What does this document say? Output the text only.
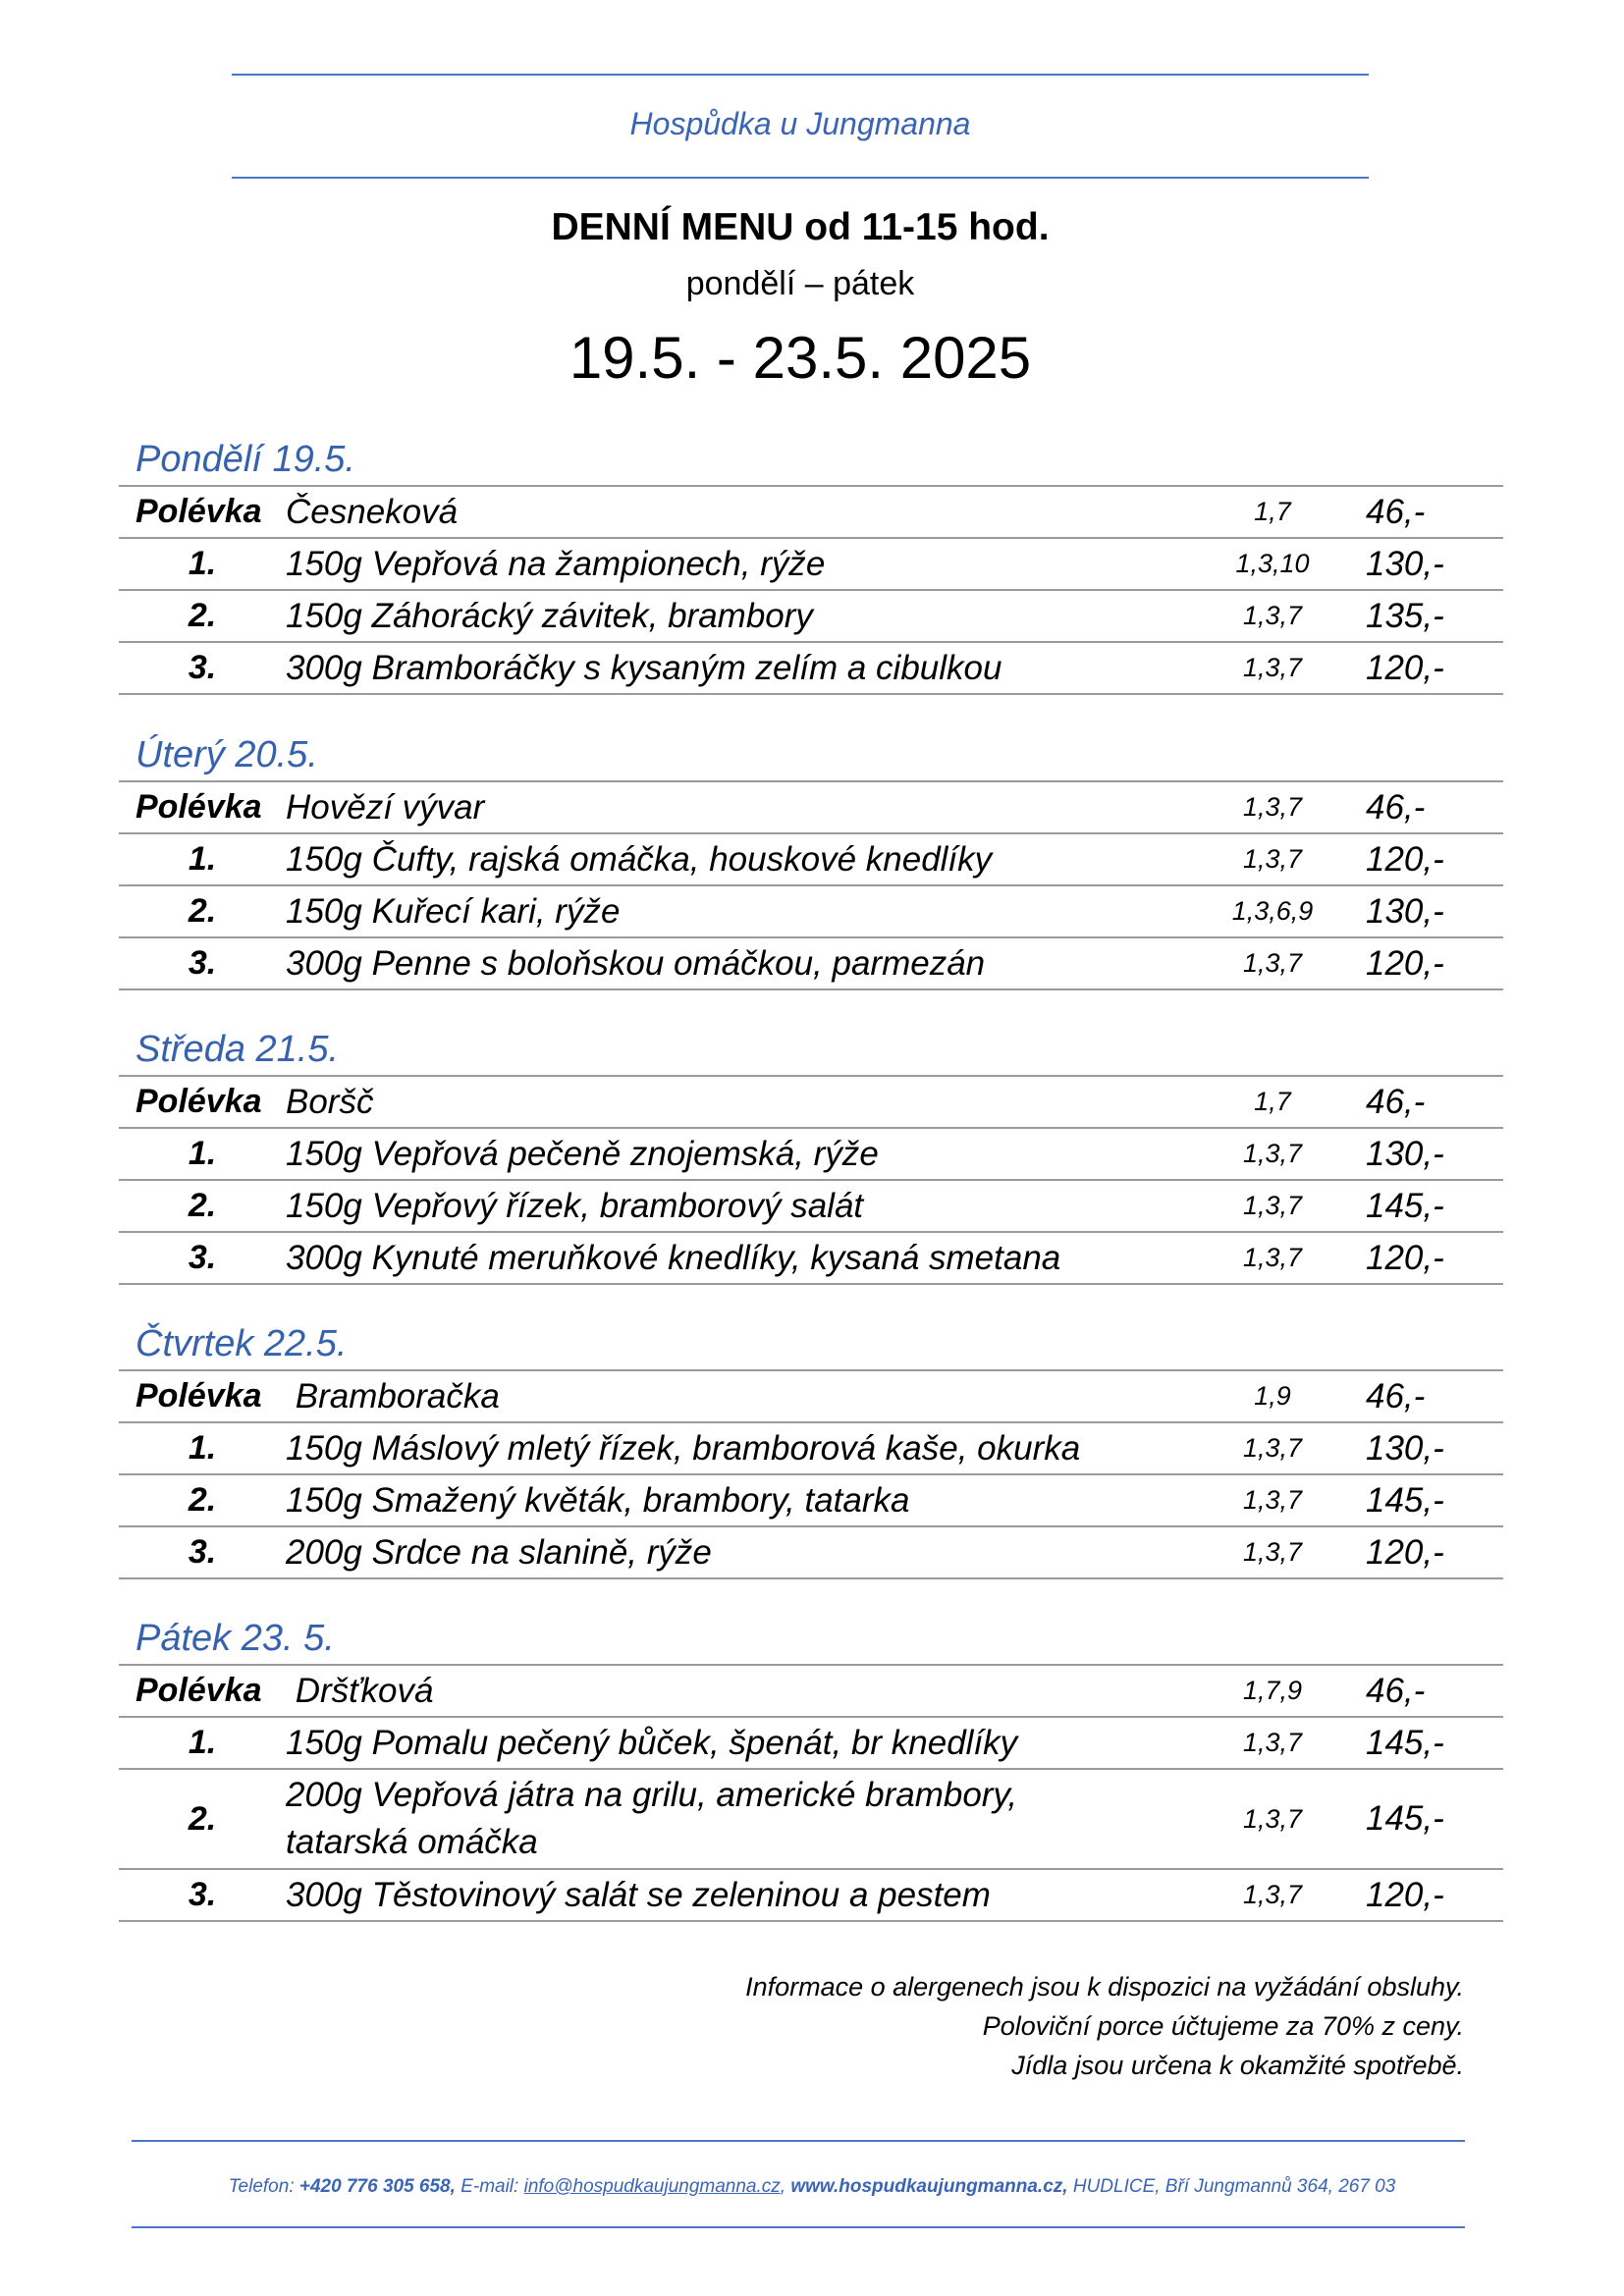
Hospůdka u Jungmanna
DENNÍ MENU od 11-15 hod.
pondělí – pátek
19.5. - 23.5. 2025
Pondělí 19.5.
Polévka	Česneková	1,7	46,-
1.	150g Vepřová na žampionech, rýže	1,3,10	130,-
2.	150g Záhorácký závitek, brambory	1,3,7	135,-
3.	300g Bramboráčky s kysaným zelím a cibulkou	1,3,7	120,-
Úterý 20.5.
Polévka	Hovězí vývar	1,3,7	46,-
1.	150g Čufty, rajská omáčka, houskové knedlíky	1,3,7	120,-
2.	150g Kuřecí kari, rýže	1,3,6,9	130,-
3.	300g Penne s boloňskou omáčkou, parmezán	1,3,7	120,-
Středa 21.5.
Polévka	Boršč	1,7	46,-
1.	150g Vepřová pečeně znojemská, rýže	1,3,7	130,-
2.	150g Vepřový řízek, bramborový salát	1,3,7	145,-
3.	300g Kynuté meruňkové knedlíky, kysaná smetana	1,3,7	120,-
Čtvrtek 22.5.
Polévka	Bramboračka	1,9	46,-
1.	150g Máslový mletý řízek, bramborová kaše, okurka	1,3,7	130,-
2.	150g Smažený květák, brambory, tatarka	1,3,7	145,-
3.	200g Srdce na slanině, rýže	1,3,7	120,-
Pátek 23. 5.
Polévka	Dršťková	1,7,9	46,-
1.	150g Pomalu pečený bůček, špenát, br knedlíky	1,3,7	145,-
2.	200g Vepřová játra na grilu, americké brambory, tatarská omáčka	1,3,7	145,-
3.	300g Těstovinový salát se zeleninou a pestem	1,3,7	120,-
Informace o alergenech jsou k dispozici na vyžádání obsluhy.
Poloviční porce účtujeme za 70% z ceny.
Jídla jsou určena k okamžité spotřebě.
Telefon: +420 776 305 658, E-mail: info@hospudkaujungmanna.cz, www.hospudkaujungmanna.cz, HUDLICE, Bří Jungmannů 364, 267 03
